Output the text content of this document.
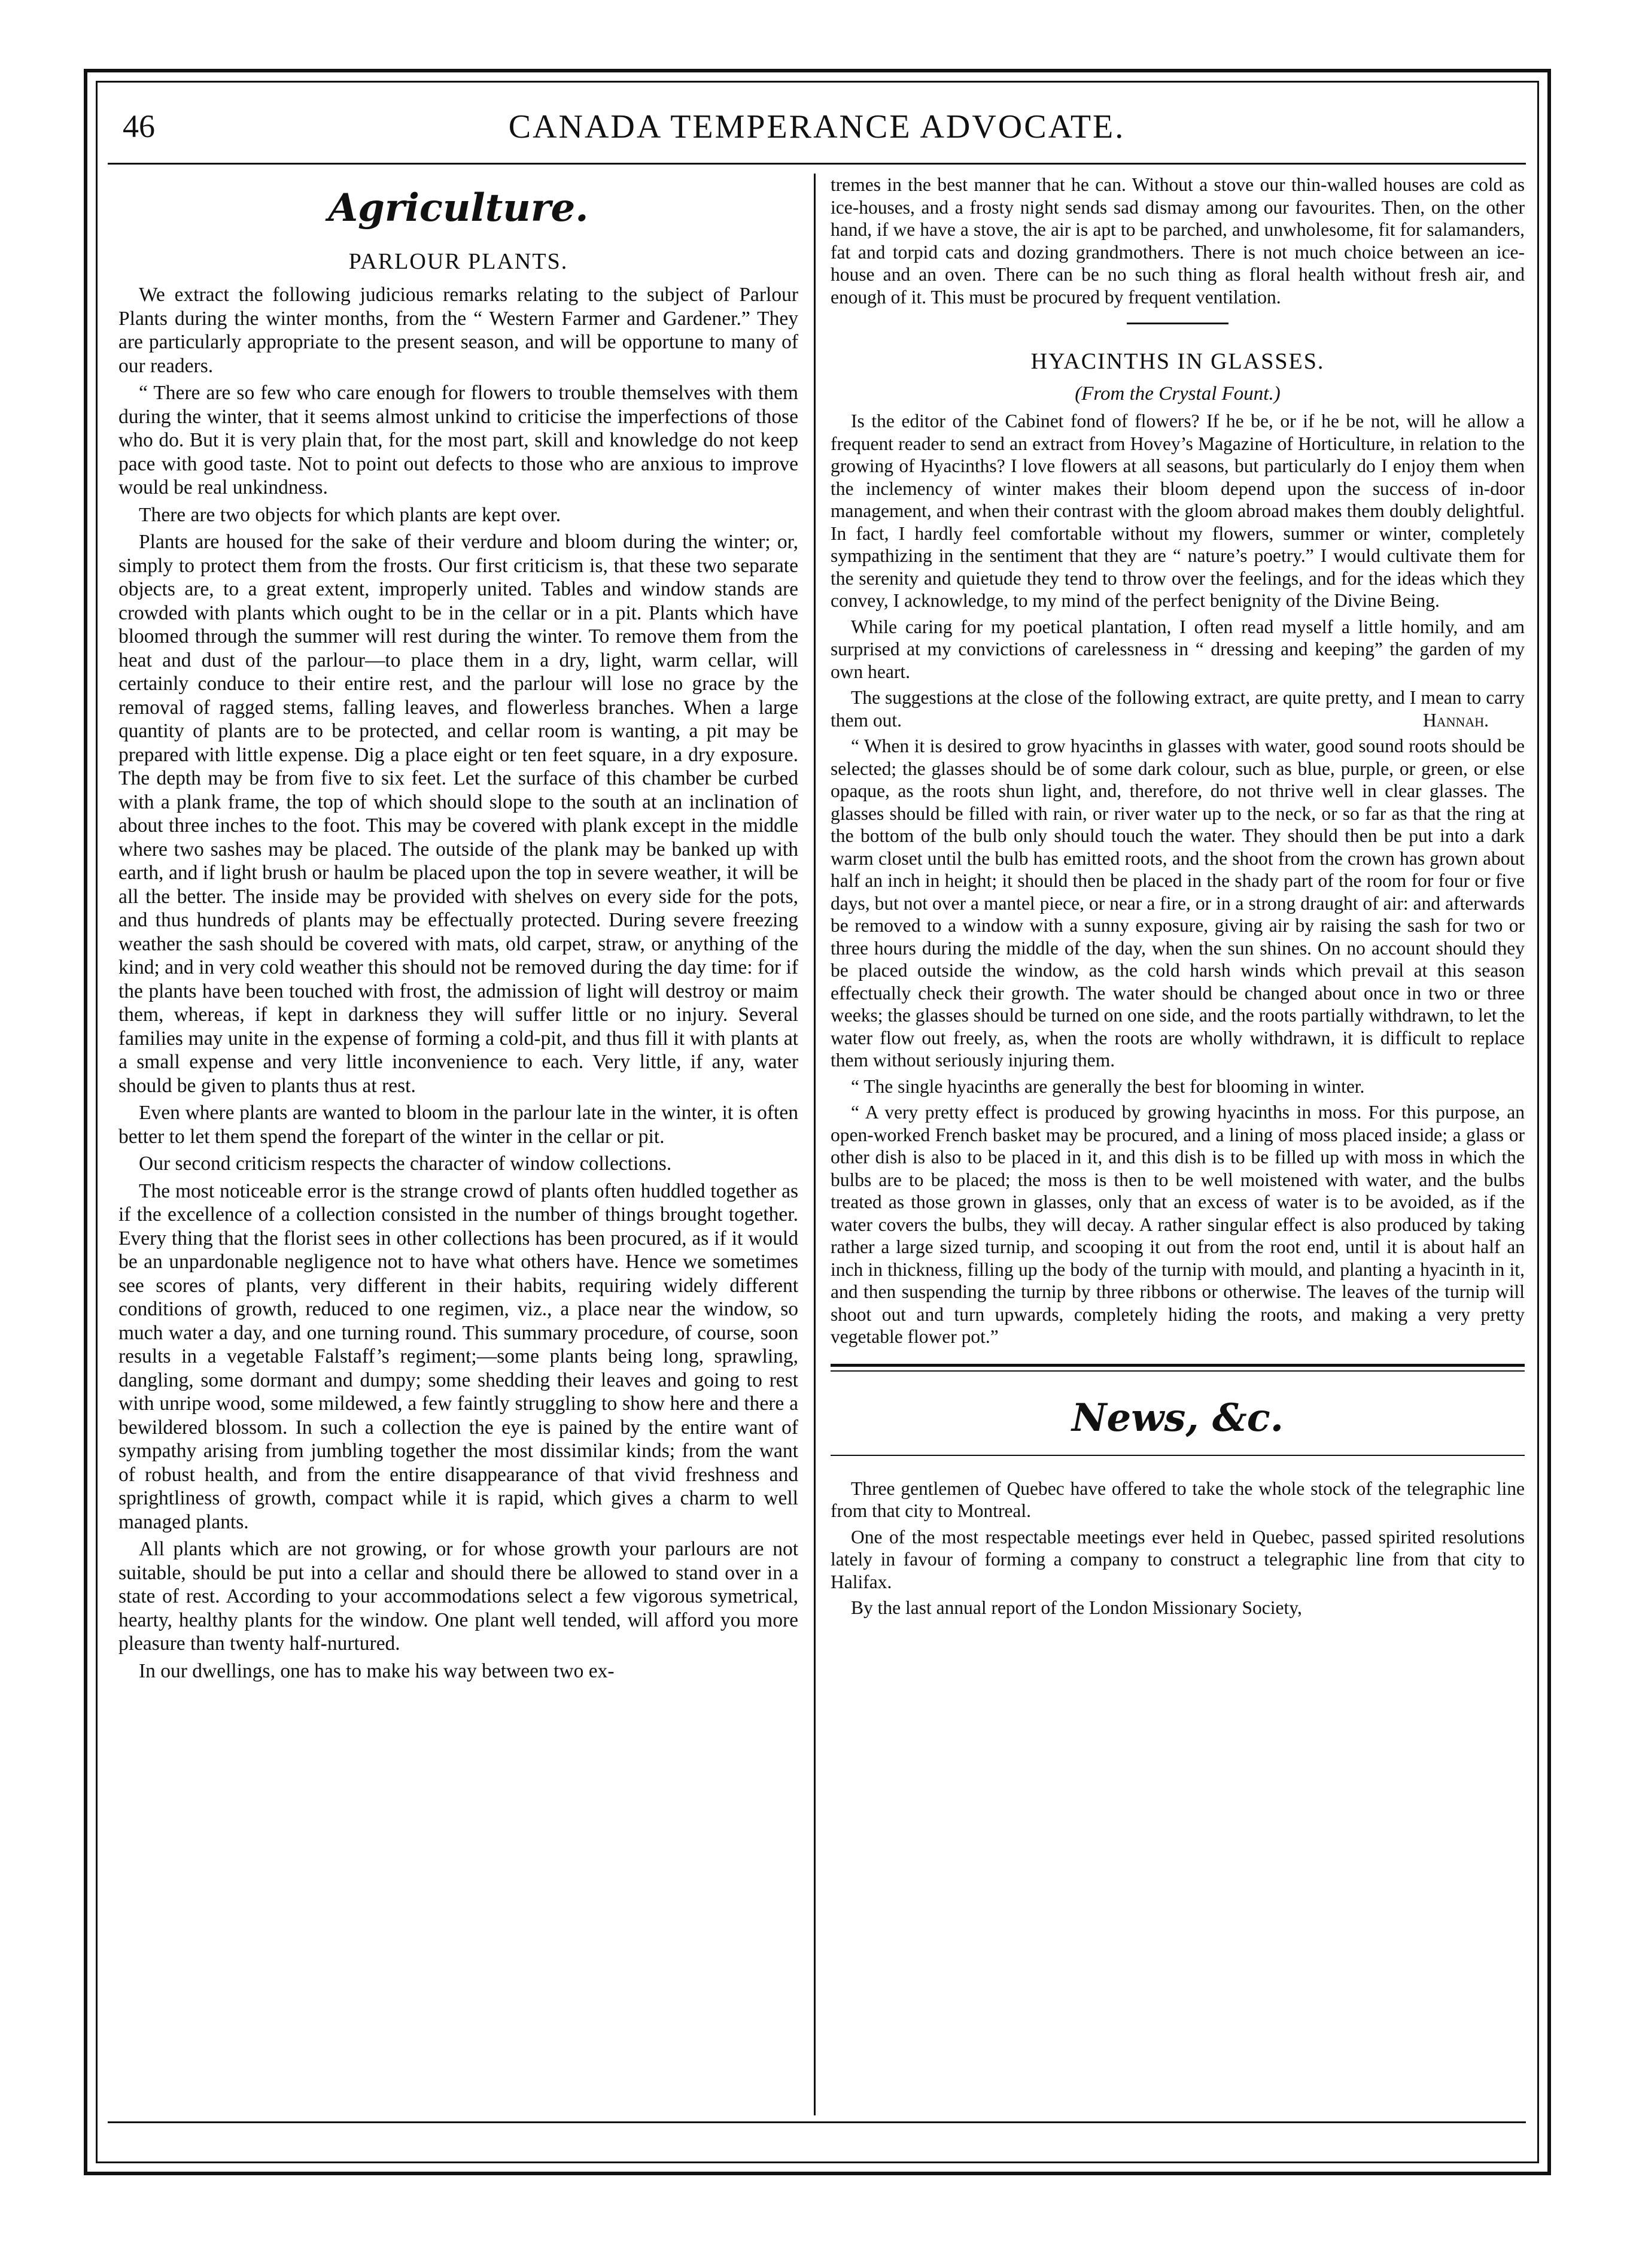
46	CANADA TEMPERANCE ADVOCATE.
Agriculture.
PARLOUR PLANTS.

We extract the following judicious remarks relating to the subject of Parlour Plants during the winter months, from the “ Western Farmer and Gardener.” They are particularly appropriate to the present season, and will be opportune to many of our readers.

“ There are so few who care enough for flowers to trouble themselves with them during the winter, that it seems almost unkind to criticise the imperfections of those who do. But it is very plain that, for the most part, skill and knowledge do not keep pace with good taste. Not to point out defects to those who are anxious to improve would be real unkindness.

There are two objects for which plants are kept over.

Plants are housed for the sake of their verdure and bloom during the winter; or, simply to protect them from the frosts. Our first criticism is, that these two separate objects are, to a great extent, improperly united. Tables and window stands are crowded with plants which ought to be in the cellar or in a pit. Plants which have bloomed through the summer will rest during the winter. To remove them from the heat and dust of the parlour—to place them in a dry, light, warm cellar, will certainly conduce to their entire rest, and the parlour will lose no grace by the removal of ragged stems, falling leaves, and flowerless branches. When a large quantity of plants are to be protected, and cellar room is wanting, a pit may be prepared with little expense. Dig a place eight or ten feet square, in a dry exposure. The depth may be from five to six feet. Let the surface of this chamber be curbed with a plank frame, the top of which should slope to the south at an inclination of about three inches to the foot. This may be covered with plank except in the middle where two sashes may be placed. The outside of the plank may be banked up with earth, and if light brush or haulm be placed upon the top in severe weather, it will be all the better. The inside may be provided with shelves on every side for the pots, and thus hundreds of plants may be effectually protected. During severe freezing weather the sash should be covered with mats, old carpet, straw, or anything of the kind; and in very cold weather this should not be removed during the day time: for if the plants have been touched with frost, the admission of light will destroy or maim them, whereas, if kept in darkness they will suffer little or no injury. Several families may unite in the expense of forming a cold-pit, and thus fill it with plants at a small expense and very little inconvenience to each. Very little, if any, water should be given to plants thus at rest.

Even where plants are wanted to bloom in the parlour late in the winter, it is often better to let them spend the forepart of the winter in the cellar or pit.

Our second criticism respects the character of window collections.

The most noticeable error is the strange crowd of plants often huddled together as if the excellence of a collection consisted in the number of things brought together. Every thing that the florist sees in other collections has been procured, as if it would be an unpardonable negligence not to have what others have. Hence we sometimes see scores of plants, very different in their habits, requiring widely different conditions of growth, reduced to one regimen, viz., a place near the window, so much water a day, and one turning round. This summary procedure, of course, soon results in a vegetable Falstaff’s regiment;—some plants being long, sprawling, dangling, some dormant and dumpy; some shedding their leaves and going to rest with unripe wood, some mildewed, a few faintly struggling to show here and there a bewildered blossom. In such a collection the eye is pained by the entire want of sympathy arising from jumbling together the most dissimilar kinds; from the want of robust health, and from the entire disappearance of that vivid freshness and sprightliness of growth, compact while it is rapid, which gives a charm to well managed plants.

All plants which are not growing, or for whose growth your parlours are not suitable, should be put into a cellar and should there be allowed to stand over in a state of rest. According to your accommodations select a few vigorous symetrical, hearty, healthy plants for the window. One plant well tended, will afford you more pleasure than twenty half-nurtured.

In our dwellings, one has to make his way between two ex-

tremes in the best manner that he can. Without a stove our thin-walled houses are cold as ice-houses, and a frosty night sends sad dismay among our favourites. Then, on the other hand, if we have a stove, the air is apt to be parched, and unwholesome, fit for salamanders, fat and torpid cats and dozing grandmothers. There is not much choice between an ice-house and an oven. There can be no such thing as floral health without fresh air, and enough of it. This must be procured by frequent ventilation.

HYACINTHS IN GLASSES.
(From the Crystal Fount.)

Is the editor of the Cabinet fond of flowers? If he be, or if he be not, will he allow a frequent reader to send an extract from Hovey’s Magazine of Horticulture, in relation to the growing of Hyacinths? I love flowers at all seasons, but particularly do I enjoy them when the inclemency of winter makes their bloom depend upon the success of in-door management, and when their contrast with the gloom abroad makes them doubly delightful. In fact, I hardly feel comfortable without my flowers, summer or winter, completely sympathizing in the sentiment that they are “ nature’s poetry.” I would cultivate them for the serenity and quietude they tend to throw over the feelings, and for the ideas which they convey, I acknowledge, to my mind of the perfect benignity of the Divine Being.

While caring for my poetical plantation, I often read myself a little homily, and am surprised at my convictions of carelessness in “ dressing and keeping” the garden of my own heart.

The suggestions at the close of the following extract, are quite pretty, and I mean to carry them out.	Hannah.

“ When it is desired to grow hyacinths in glasses with water, good sound roots should be selected; the glasses should be of some dark colour, such as blue, purple, or green, or else opaque, as the roots shun light, and, therefore, do not thrive well in clear glasses. The glasses should be filled with rain, or river water up to the neck, or so far as that the ring at the bottom of the bulb only should touch the water. They should then be put into a dark warm closet until the bulb has emitted roots, and the shoot from the crown has grown about half an inch in height; it should then be placed in the shady part of the room for four or five days, but not over a mantel piece, or near a fire, or in a strong draught of air: and afterwards be removed to a window with a sunny exposure, giving air by raising the sash for two or three hours during the middle of the day, when the sun shines. On no account should they be placed outside the window, as the cold harsh winds which prevail at this season effectually check their growth. The water should be changed about once in two or three weeks; the glasses should be turned on one side, and the roots partially withdrawn, to let the water flow out freely, as, when the roots are wholly withdrawn, it is difficult to replace them without seriously injuring them.

“ The single hyacinths are generally the best for blooming in winter.

“ A very pretty effect is produced by growing hyacinths in moss. For this purpose, an open-worked French basket may be procured, and a lining of moss placed inside; a glass or other dish is also to be placed in it, and this dish is to be filled up with moss in which the bulbs are to be placed; the moss is then to be well moistened with water, and the bulbs treated as those grown in glasses, only that an excess of water is to be avoided, as if the water covers the bulbs, they will decay. A rather singular effect is also produced by taking rather a large sized turnip, and scooping it out from the root end, until it is about half an inch in thickness, filling up the body of the turnip with mould, and planting a hyacinth in it, and then suspending the turnip by three ribbons or otherwise. The leaves of the turnip will shoot out and turn upwards, completely hiding the roots, and making a very pretty vegetable flower pot.”

News, &c.

Three gentlemen of Quebec have offered to take the whole stock of the telegraphic line from that city to Montreal.

One of the most respectable meetings ever held in Quebec, passed spirited resolutions lately in favour of forming a company to construct a telegraphic line from that city to Halifax.

By the last annual report of the London Missionary Society,
